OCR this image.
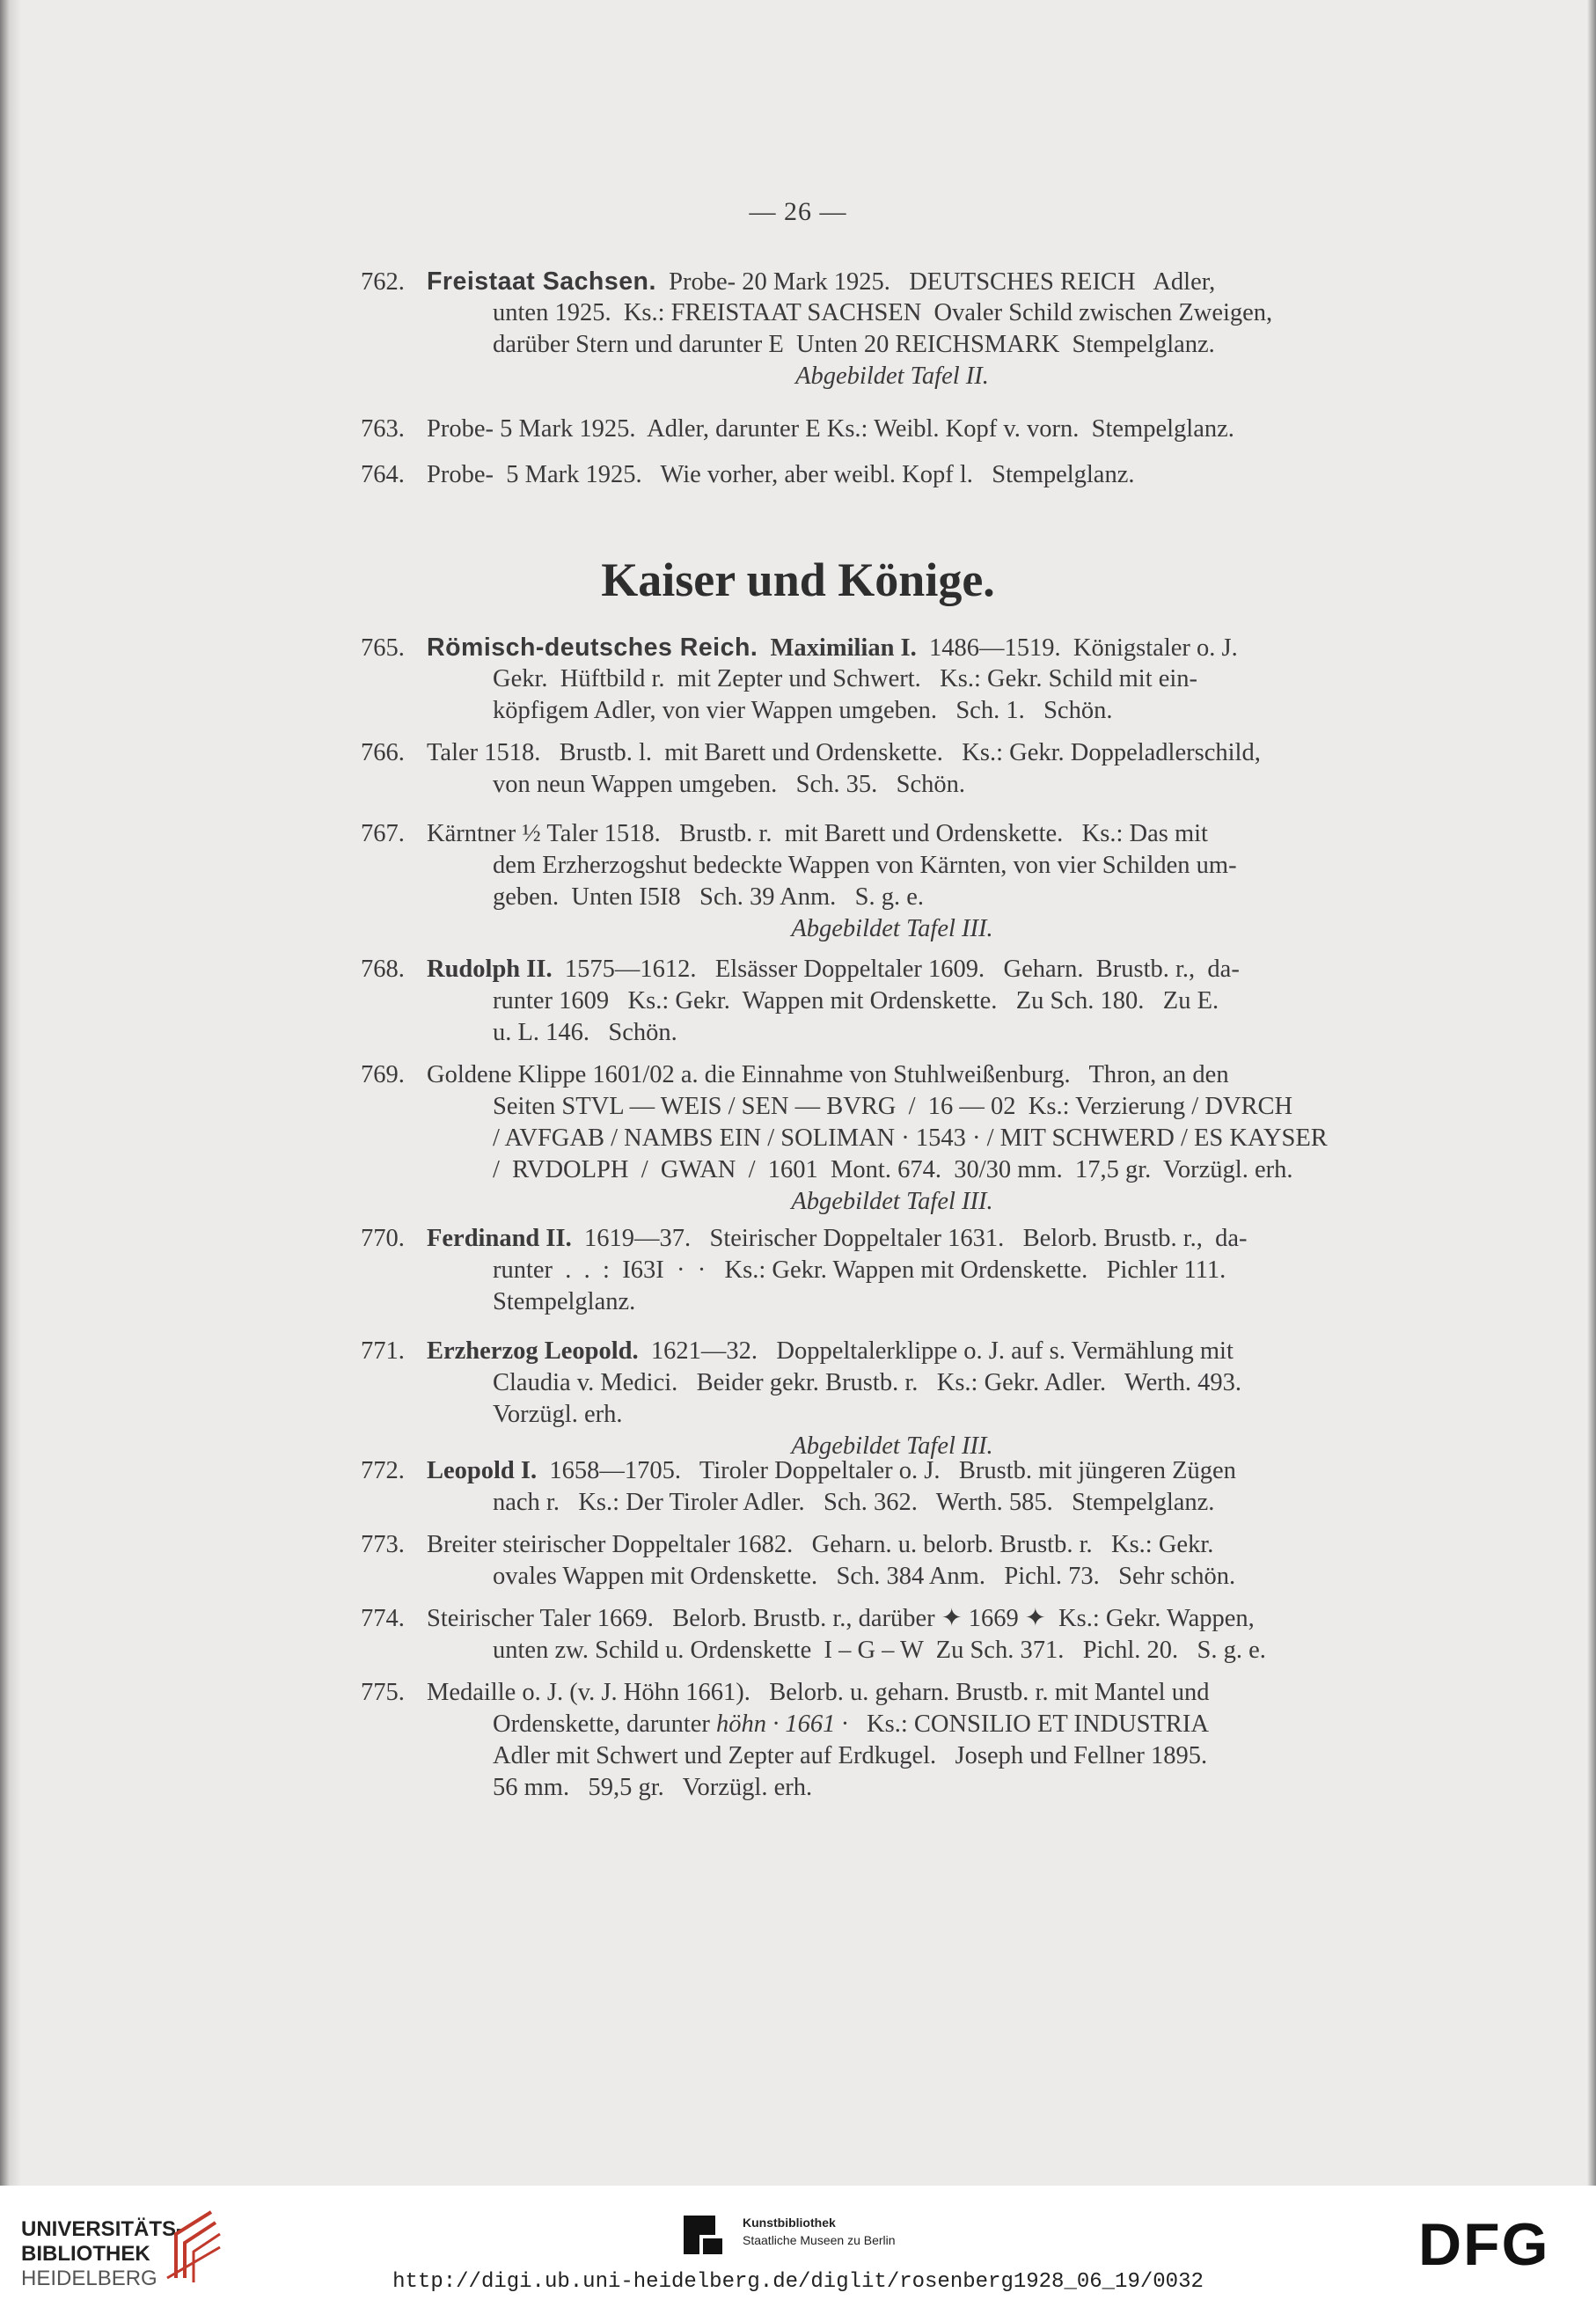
— 26 —
Kaiser und Könige.
762. Freistaat Sachsen.  Probe- 20 Mark 1925.   DEUTSCHES REICH   Adler,
unten 1925.  Ks.: FREISTAAT SACHSEN  Ovaler Schild zwischen Zweigen,
darüber Stern und darunter E  Unten 20 REICHSMARK  Stempelglanz.
Abgebildet Tafel II.
763. Probe- 5 Mark 1925.  Adler, darunter E Ks.: Weibl. Kopf v. vorn.  Stempelglanz.
764. Probe-  5 Mark 1925.   Wie vorher, aber weibl. Kopf l.   Stempelglanz.
765. Römisch-deutsches Reich. Maximilian I.  1486—1519.  Königstaler o. J.
Gekr.  Hüftbild r.  mit Zepter und Schwert.   Ks.: Gekr. Schild mit ein-
köpfigem Adler, von vier Wappen umgeben.   Sch. 1.   Schön.
766. Taler 1518.   Brustb. l.  mit Barett und Ordenskette.   Ks.: Gekr. Doppeladlerschild,
von neun Wappen umgeben.   Sch. 35.   Schön.
767. Kärntner ½ Taler 1518.   Brustb. r.  mit Barett und Ordenskette.   Ks.: Das mit
dem Erzherzogshut bedeckte Wappen von Kärnten, von vier Schilden um-
geben.  Unten I5I8   Sch. 39 Anm.   S. g. e.
Abgebildet Tafel III.
768. Rudolph II.  1575—1612.   Elsässer Doppeltaler 1609.   Geharn.  Brustb. r.,  da-
runter 1609   Ks.: Gekr.  Wappen mit Ordenskette.   Zu Sch. 180.   Zu E.
u. L. 146.   Schön.
769. Goldene Klippe 1601/02 a. die Einnahme von Stuhlweißenburg.   Thron, an den
Seiten STVL — WEIS / SEN — BVRG  /  16 — 02  Ks.: Verzierung / DVRCH
/ AVFGAB / NAMBS EIN / SOLIMAN · 1543 · / MIT SCHWERD / ES KAYSER
/  RVDOLPH  /  GWAN  /  1601  Mont. 674.  30/30 mm.  17,5 gr.  Vorzügl. erh.
Abgebildet Tafel III.
770. Ferdinand II.  1619—37.   Steirischer Doppeltaler 1631.   Belorb. Brustb. r.,  da-
runter  .  .  :  I63I  ·  ·   Ks.: Gekr. Wappen mit Ordenskette.   Pichler 111.
Stempelglanz.
771. Erzherzog Leopold.  1621—32.   Doppeltalerklippe o. J. auf s. Vermählung mit
Claudia v. Medici.   Beider gekr. Brustb. r.   Ks.: Gekr. Adler.   Werth. 493.
Vorzügl. erh.
Abgebildet Tafel III.
772. Leopold I.  1658—1705.   Tiroler Doppeltaler o. J.   Brustb. mit jüngeren Zügen
nach r.   Ks.: Der Tiroler Adler.   Sch. 362.   Werth. 585.   Stempelglanz.
773. Breiter steirischer Doppeltaler 1682.   Geharn. u. belorb. Brustb. r.   Ks.: Gekr.
ovales Wappen mit Ordenskette.   Sch. 384 Anm.   Pichl. 73.   Sehr schön.
774. Steirischer Taler 1669.   Belorb. Brustb. r., darüber ✦ 1669 ✦  Ks.: Gekr. Wappen,
unten zw. Schild u. Ordenskette  I – G – W  Zu Sch. 371.   Pichl. 20.   S. g. e.
775. Medaille o. J. (v. J. Höhn 1661).   Belorb. u. geharn. Brustb. r. mit Mantel und
Ordenskette, darunter höhn · 1661 ·   Ks.: CONSILIO ET INDUSTRIA
Adler mit Schwert und Zepter auf Erdkugel.   Joseph und Fellner 1895.
56 mm.   59,5 gr.   Vorzügl. erh.
UNIVERSITÄTS-
BIBLIOTHEK
HEIDELBERG
Kunstbibliothek
Staatliche Museen zu Berlin	DFG
http://digi.ub.uni-heidelberg.de/diglit/rosenberg1928_06_19/0032
